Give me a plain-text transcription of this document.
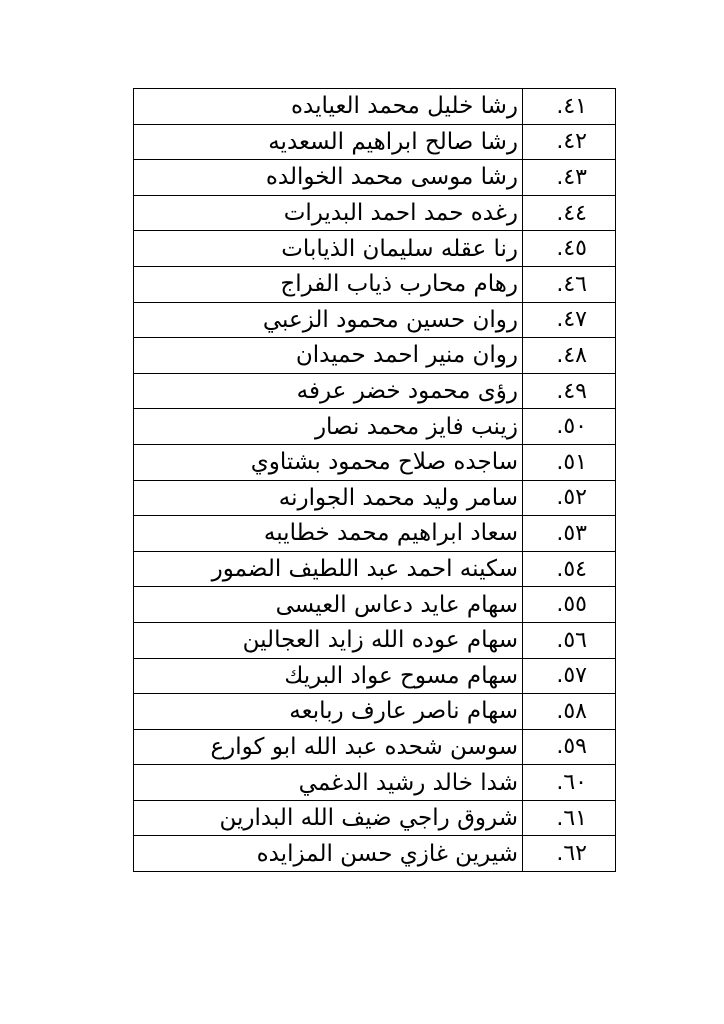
٤١.	رشا خليل محمد العيايده
٤٢.	رشا صالح ابراهيم السعديه
٤٣.	رشا موسى محمد الخوالده
٤٤.	رغده حمد احمد البديرات
٤٥.	رنا عقله سليمان الذيابات
٤٦.	رهام محارب ذياب الفراج
٤٧.	روان حسين محمود الزعبي
٤٨.	روان منير احمد حميدان
٤٩.	رؤى محمود خضر عرفه
٥٠.	زينب فايز محمد نصار
٥١.	ساجده صلاح محمود بشتاوي
٥٢.	سامر وليد محمد الجوارنه
٥٣.	سعاد ابراهيم محمد خطايبه
٥٤.	سكينه احمد عبد اللطيف الضمور
٥٥.	سهام عايد دعاس العيسى
٥٦.	سهام عوده الله زايد العجالين
٥٧.	سهام مسوح عواد البريك
٥٨.	سهام ناصر عارف ربابعه
٥٩.	سوسن شحده عبد الله ابو كوارع
٦٠.	شدا خالد رشيد الدغمي
٦١.	شروق راجي ضيف الله البدارين
٦٢.	شيرين غازي حسن المزايده
